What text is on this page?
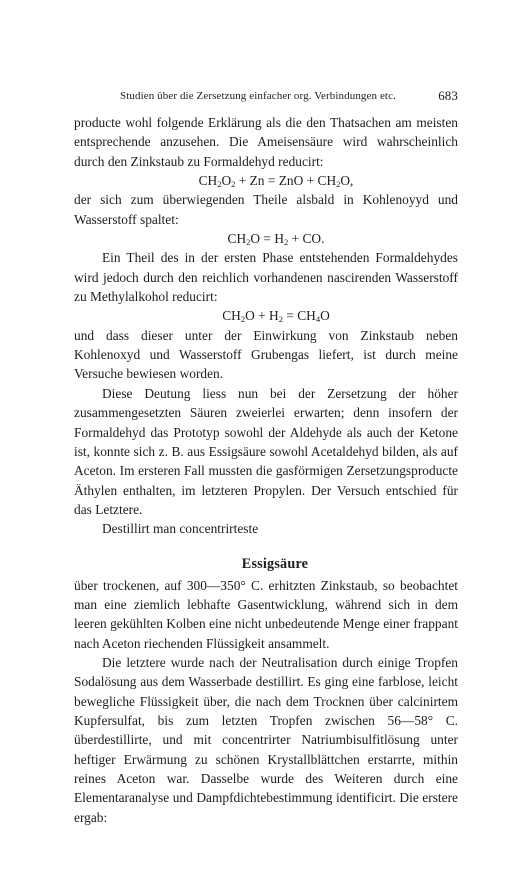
Studien über die Zersetzung einfacher org. Verbindungen etc.	683

producte wohl folgende Erklärung als die den Thatsachen am meisten entsprechende anzusehen. Die Ameisensäure wird wahrscheinlich durch den Zinkstaub zu Formaldehyd reducirt:

$CH_2O_2 + Zn$ = ZnO + $CH_2O$,

der sich zum überwiegenden Theile alsbald in Kohlenoyyd und Wasserstoff spaltet:

$CH_2O = H_2$ + CO.

Ein Theil des in der ersten Phase entstehenden Formaldehydes wird jedoch durch den reichlich vorhandenen nascirenden Wasserstoff zu Methylalkohol reducirt:

$CH_2O + H_2 = CH_4O$

und dass dieser unter der Einwirkung von Zinkstaub neben Kohlenoxyd und Wasserstoff Grubengas liefert, ist durch meine Versuche bewiesen worden.

Diese Deutung liess nun bei der Zersetzung der höher zusammengesetzten Säuren zweierlei erwarten; denn insofern der Formaldehyd das Prototyp sowohl der Aldehyde als auch der Ketone ist, konnte sich z. B. aus Essigsäure sowohl Acetaldehyd bilden, als auf Aceton. Im ersteren Fall mussten die gasförmigen Zersetzungsproducte Äthylen enthalten, im letzteren Propylen. Der Versuch entschied für das Letztere.

Destillirt man concentrirteste

Essigsäure

über trockenen, auf 300—350° C. erhitzten Zinkstaub, so beobachtet man eine ziemlich lebhafte Gasentwicklung, während sich in dem leeren gekühlten Kolben eine nicht unbedeutende Menge einer frappant nach Aceton riechenden Flüssigkeit ansammelt.

Die letztere wurde nach der Neutralisation durch einige Tropfen Sodalösung aus dem Wasserbade destillirt. Es ging eine farblose, leicht bewegliche Flüssigkeit über, die nach dem Trocknen über calcinirtem Kupfersulfat, bis zum letzten Tropfen zwischen 56—58° C. überdestillirte, und mit concentrirter Natriumbisulfitlösung unter heftiger Erwärmung zu schönen Krystallblättchen erstarrte, mithin reines Aceton war. Dasselbe wurde des Weiteren durch eine Elementaranalyse und Dampfdichtebestimmung identificirt. Die erstere ergab:
